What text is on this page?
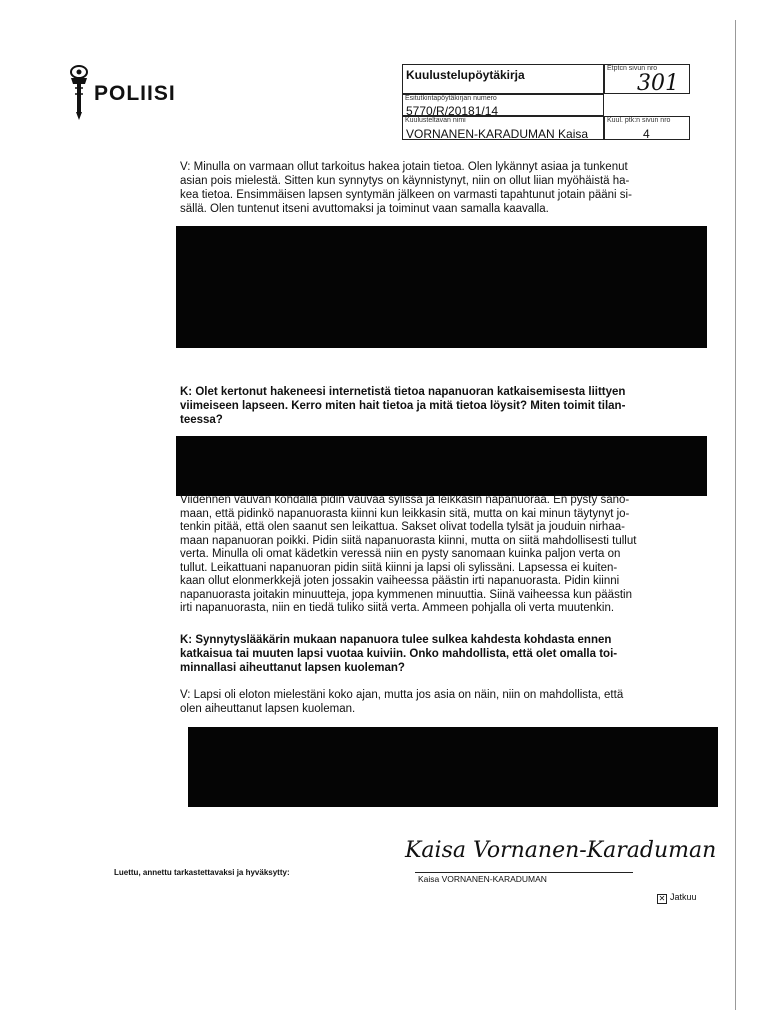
POLIISI
Kuulustelupöytäkirja	Etptcn sivun nro
301
Esitutkintapöytäkirjan numero
5770/R/20181/14
Kuulusteltavan nimi
VORNANEN-KARADUMAN Kaisa
Kuul. ptk:n sivun nro
4
V: Minulla on varmaan ollut tarkoitus hakea jotain tietoa. Olen lykännyt asiaa ja tunkenut
asian pois mielestä. Sitten kun synnytys on käynnistynyt, niin on ollut liian myöhäistä ha-
kea tietoa. Ensimmäisen lapsen syntymän jälkeen on varmasti tapahtunut jotain pääni si-
sällä. Olen tuntenut itseni avuttomaksi ja toiminut vaan samalla kaavalla.
K: Olet kertonut hakeneesi internetistä tietoa napanuoran katkaisemisesta liittyen
viimeiseen lapseen. Kerro miten hait tietoa ja mitä tietoa löysit? Miten toimit tilan-
teessa?
Viidennen vauvan kohdalla pidin vauvaa sylissä ja leikkasin napanuoraa. En pysty sano-
maan, että pidinkö napanuorasta kiinni kun leikkasin sitä, mutta on kai minun täytynyt jo-
tenkin pitää, että olen saanut sen leikattua. Sakset olivat todella tylsät ja jouduin nirhaa-
maan napanuoran poikki. Pidin siitä napanuorasta kiinni, mutta on siitä mahdollisesti tullut
verta. Minulla oli omat kädetkin veressä niin en pysty sanomaan kuinka paljon verta on
tullut. Leikattuani napanuoran pidin siitä kiinni ja lapsi oli sylissäni. Lapsessa ei kuiten-
kaan ollut elonmerkkejä joten jossakin vaiheessa päästin irti napanuorasta. Pidin kiinni
napanuorasta joitakin minuutteja, jopa kymmenen minuuttia. Siinä vaiheessa kun päästin
irti napanuorasta, niin en tiedä tuliko siitä verta. Ammeen pohjalla oli verta muutenkin.
K: Synnytyslääkärin mukaan napanuora tulee sulkea kahdesta kohdasta ennen
katkaisua tai muuten lapsi vuotaa kuiviin. Onko mahdollista, että olet omalla toi-
minnallasi aiheuttanut lapsen kuoleman?
V: Lapsi oli eloton mielestäni koko ajan, mutta jos asia on näin, niin on mahdollista, että
olen aiheuttanut lapsen kuoleman.
Luettu, annettu tarkastettavaksi ja hyväksytty:
Kaisa Vornanen-Karaduman
Kaisa VORNANEN-KARADUMAN
✕ Jatkuu
